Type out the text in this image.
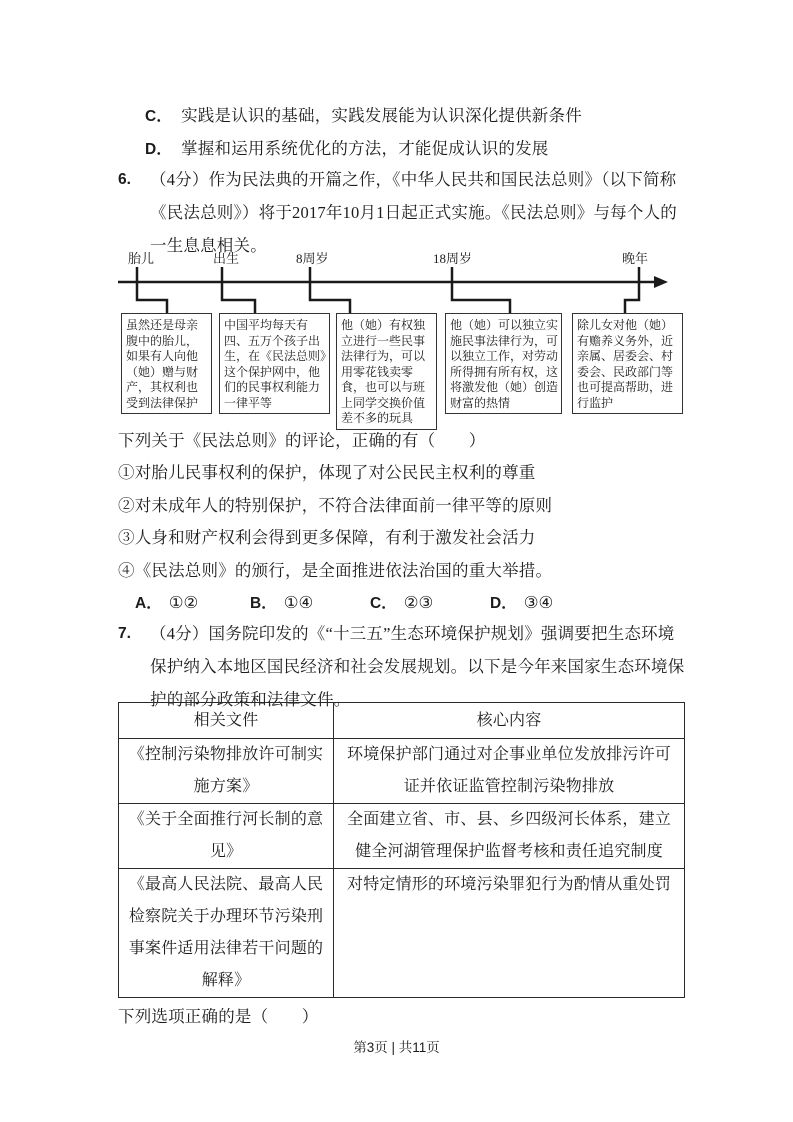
C． 实践是认识的基础，实践发展能为认识深化提供新条件
D． 掌握和运用系统优化的方法，才能促成认识的发展
6.	（4分）作为民法典的开篇之作，《中华人民共和国民法总则》（以下简称《民法总则》）将于2017年10月1日起正式实施。《民法总则》与每个人的一生息息相关。
胎儿	出生	8周岁	18周岁	晚年
虽然还是母亲腹中的胎儿，如果有人向他（她）赠与财产，其权利也受到法律保护
中国平均每天有四、五万个孩子出生，在《民法总则》这个保护网中，他们的民事权利能力一律平等
他（她）有权独立进行一些民事法律行为，可以用零花钱卖零食，也可以与班上同学交换价值差不多的玩具
他（她）可以独立实施民事法律行为，可以独立工作，对劳动所得拥有所有权，这将激发他（她）创造财富的热情
除儿女对他（她）有赡养义务外，近亲属、居委会、村委会、民政部门等也可提高帮助，进行监护
下列关于《民法总则》的评论，正确的有（　　）
①对胎儿民事权利的保护，体现了对公民民主权利的尊重
②对未成年人的特别保护，不符合法律面前一律平等的原则
③人身和财产权利会得到更多保障，有利于激发社会活力
④《民法总则》的颁行，是全面推进依法治国的重大举措。
A． ①②	B． ①④	C． ②③	D． ③④
7.	（4分）国务院印发的《“十三五”生态环境保护规划》强调要把生态环境保护纳入本地区国民经济和社会发展规划。以下是今年来国家生态环境保护的部分政策和法律文件。
相关文件	核心内容
《控制污染物排放许可制实施方案》	环境保护部门通过对企事业单位发放排污许可证并依证监管控制污染物排放
《关于全面推行河长制的意见》	全面建立省、市、县、乡四级河长体系，建立健全河湖管理保护监督考核和责任追究制度
《最高人民法院、最高人民检察院关于办理环节污染刑事案件适用法律若干问题的解释》	对特定情形的环境污染罪犯行为酌情从重处罚
下列选项正确的是（　　）
第3页 | 共11页
